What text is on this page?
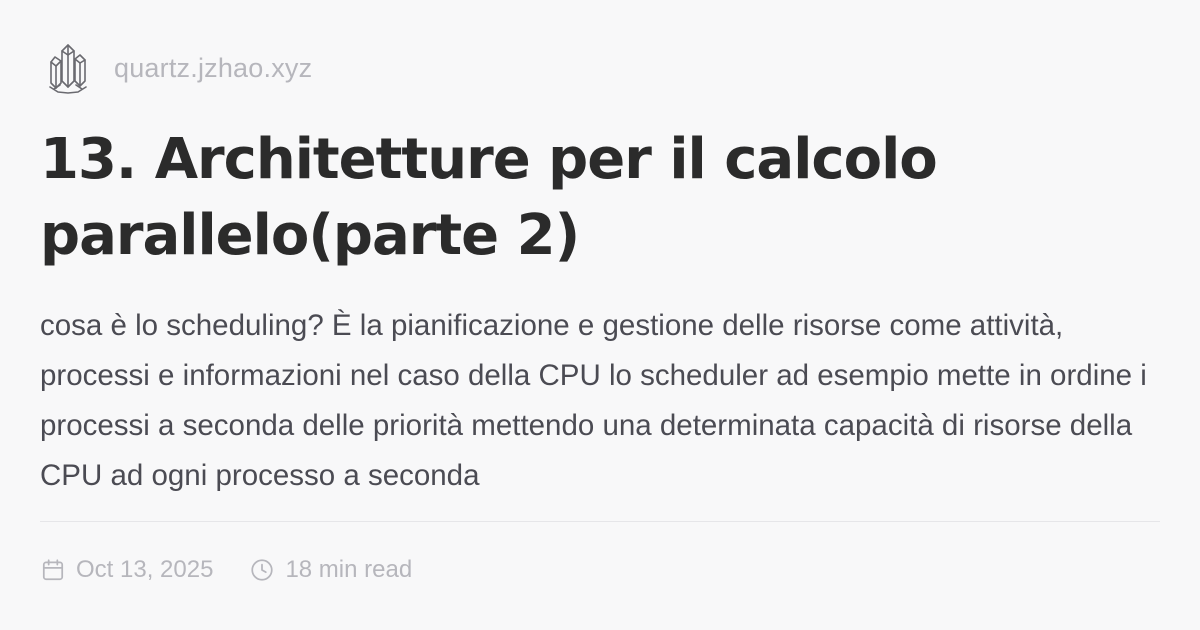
quartz.jzhao.xyz
13. Architetture per il calcolo parallelo(parte 2)

cosa è lo scheduling? È la pianificazione e gestione delle risorse come attività, processi e informazioni nel caso della CPU lo scheduler ad esempio mette in ordine i processi a seconda delle priorità mettendo una determinata capacità di risorse della CPU ad ogni processo a seconda

Oct 13, 2025	18 min read
